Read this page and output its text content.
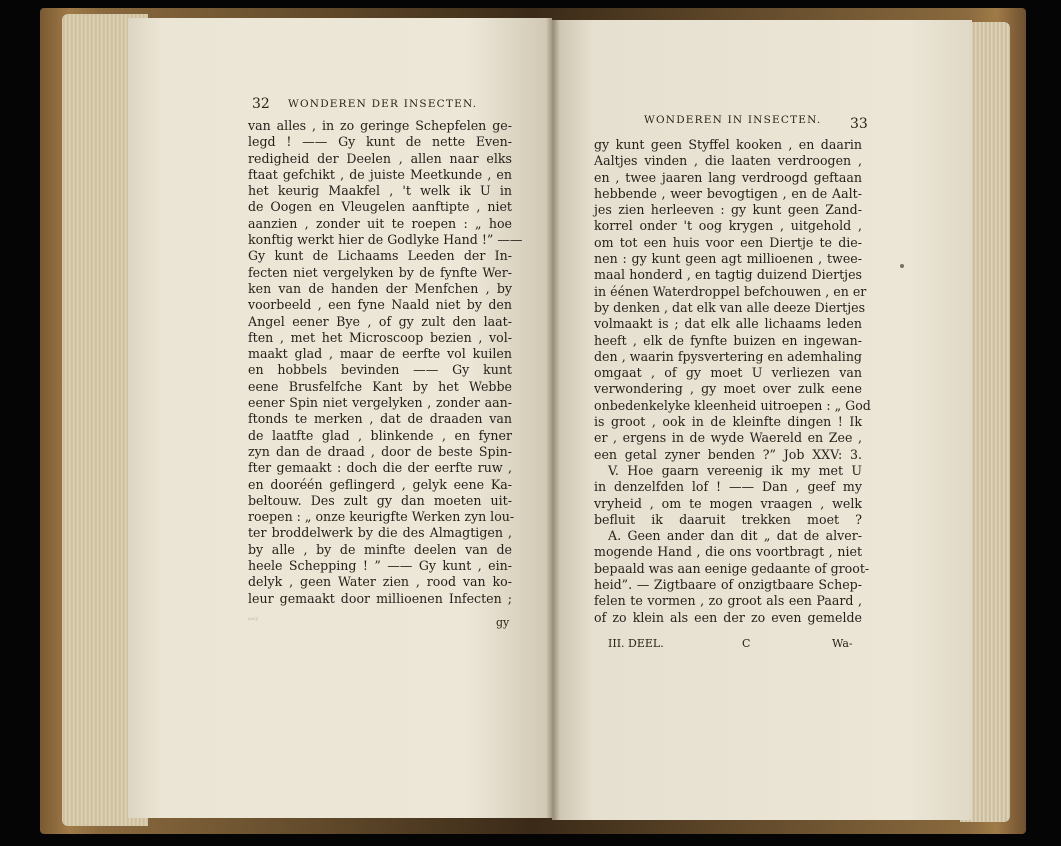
32 WONDEREN DER INSECTEN.
van alles , in zo geringe Schepfelen ge-
legd ! —— Gy kunt de nette Even-
redigheid der Deelen , allen naar elks
ftaat gefchikt , de juiste Meetkunde , en
het keurig Maakfel , 't welk ik U in
de Oogen en Vleugelen aanftipte , niet
aanzien , zonder uit te roepen : „ hoe
konftig werkt hier de Godlyke Hand !” ——
Gy kunt de Lichaams Leeden der In-
fecten niet vergelyken by de fynfte Wer-
ken van de handen der Menfchen , by
voorbeeld , een fyne Naald niet by den
Angel eener Bye , of gy zult den laat-
ften , met het Microscoop bezien , vol-
maakt glad , maar de eerfte vol kuilen
en hobbels bevinden —— Gy kunt
eene Brusfelfche Kant by het Webbe
eener Spin niet vergelyken , zonder aan-
ftonds te merken , dat de draaden van
de laatfte glad , blinkende , en fyner
zyn dan de draad , door de beste Spin-
fter gemaakt : doch die der eerfte ruw ,
en dooréén geflingerd , gelyk eene Ka-
beltouw. Des zult gy dan moeten uit-
roepen : „ onze keurigfte Werken zyn lou-
ter broddelwerk by die des Almagtigen ,
by alle , by de minfte deelen van de
heele Schepping ! ” —— Gy kunt , ein-
delyk , geen Water zien , rood van ko-
leur gemaakt door millioenen Infecten ;
gy
ᵃᵃʸ
WONDEREN IN INSECTEN. 33
gy kunt geen Styffel kooken , en daarin
Aaltjes vinden , die laaten verdroogen ,
en , twee jaaren lang verdroogd geftaan
hebbende , weer bevogtigen , en de Aalt-
jes zien herleeven : gy kunt geen Zand-
korrel onder 't oog krygen , uitgehold ,
om tot een huis voor een Diertje te die-
nen : gy kunt geen agt millioenen , twee-
maal honderd , en tagtig duizend Diertjes
in éénen Waterdroppel befchouwen , en er
by denken , dat elk van alle deeze Diertjes
volmaakt is ; dat elk alle lichaams leden
heeft , elk de fynfte buizen en ingewan-
den , waarin fpysvertering en ademhaling
omgaat , of gy moet U verliezen van
verwondering , gy moet over zulk eene
onbedenkelyke kleenheid uitroepen : „ God
is groot , ook in de kleinfte dingen ! Ik
er , ergens in de wyde Waereld en Zee ,
een getal zyner benden ?” Job XXV: 3.
V. Hoe gaarn vereenig ik my met U
in denzelfden lof ! —— Dan , geef my
vryheid , om te mogen vraagen , welk
befluit ik daaruit trekken moet ?
A. Geen ander dan dit „ dat de alver-
mogende Hand , die ons voortbragt , niet
bepaald was aan eenige gedaante of groot-
heid”. — Zigtbaare of onzigtbaare Schep-
felen te vormen , zo groot als een Paard ,
of zo klein als een der zo even gemelde
III. DEEL.	C	Wa-
